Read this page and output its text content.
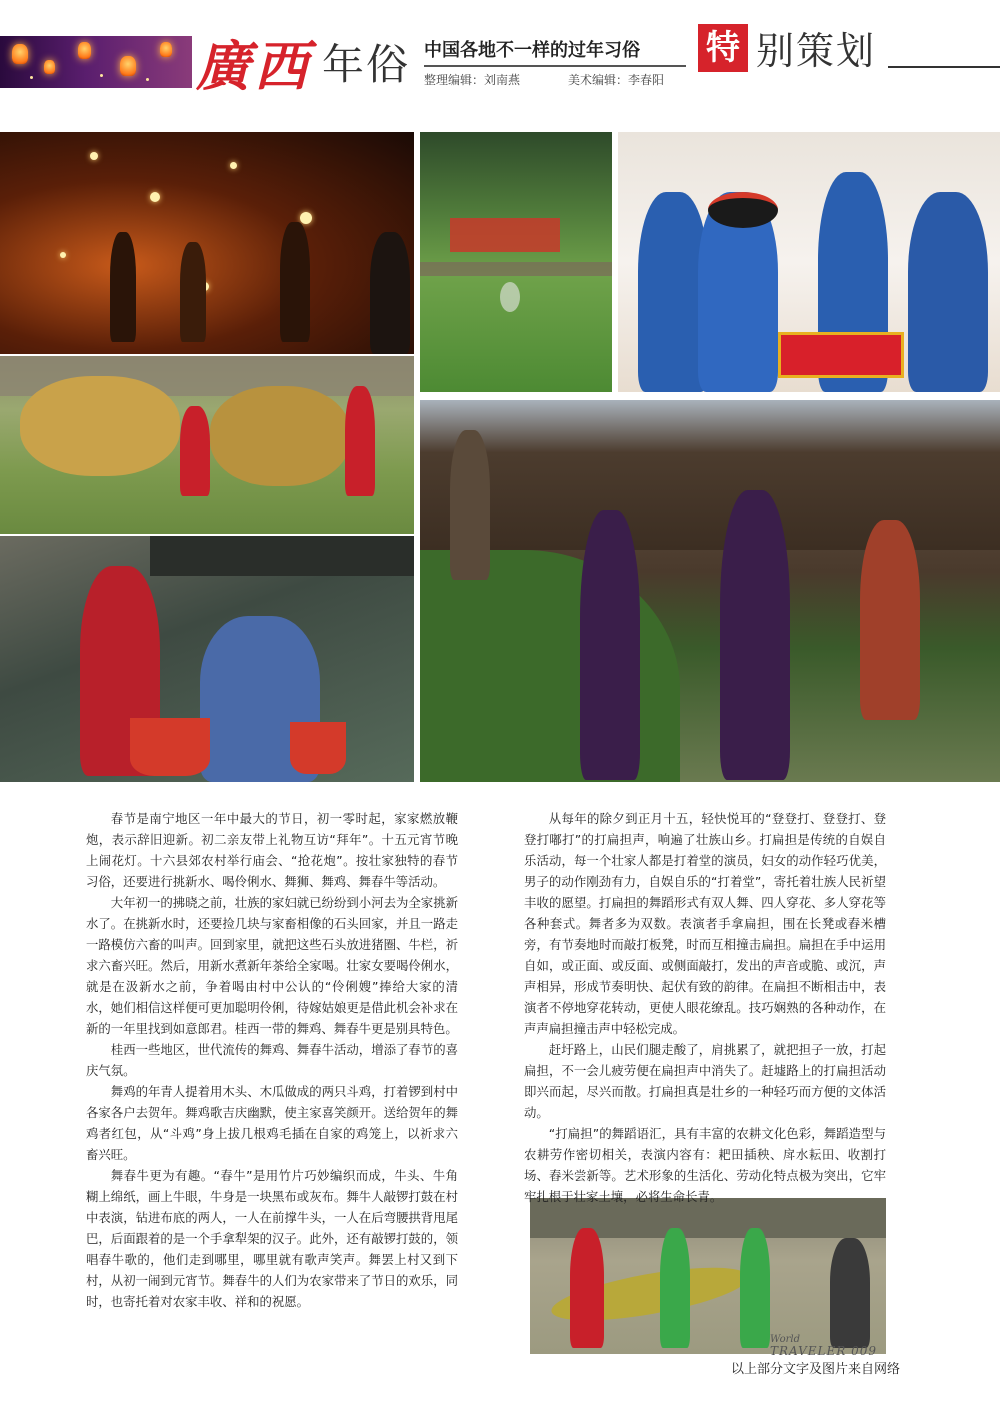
廣西 年俗 中国各地不一样的过年习俗
整理编辑：刘南燕	美术编辑：李春阳
特 别策划

春节是南宁地区一年中最大的节日，初一零时起，家家燃放鞭炮，表示辞旧迎新。初二亲友带上礼物互访“拜年”。十五元宵节晚上闹花灯。十六县郊农村举行庙会、“抢花炮”。按壮家独特的春节习俗，还要进行挑新水、喝伶俐水、舞狮、舞鸡、舞春牛等活动。

大年初一的拂晓之前，壮族的家妇就已纷纷到小河去为全家挑新水了。在挑新水时，还要捡几块与家畜相像的石头回家，并且一路走一路模仿六畜的叫声。回到家里，就把这些石头放进猪圈、牛栏，祈求六畜兴旺。然后，用新水煮新年茶给全家喝。壮家女要喝伶俐水，就是在汲新水之前，争着喝由村中公认的“伶俐嫂”捧给大家的清水，她们相信这样便可更加聪明伶俐，待嫁姑娘更是借此机会补求在新的一年里找到如意郎君。桂西一带的舞鸡、舞春牛更是别具特色。

桂西一些地区，世代流传的舞鸡、舞春牛活动，增添了春节的喜庆气氛。

舞鸡的年青人提着用木头、木瓜做成的两只斗鸡，打着锣到村中各家各户去贺年。舞鸡歌吉庆幽默，使主家喜笑颜开。送给贺年的舞鸡者红包，从“斗鸡”身上拔几根鸡毛插在自家的鸡笼上，以祈求六畜兴旺。

舞春牛更为有趣。“春牛”是用竹片巧妙编织而成，牛头、牛角糊上绵纸，画上牛眼，牛身是一块黑布或灰布。舞牛人敲锣打鼓在村中表演，钻进布底的两人，一人在前撑牛头，一人在后弯腰拱背甩尾巴，后面跟着的是一个手拿犁架的汉子。此外，还有敲锣打鼓的，领唱春牛歌的，他们走到哪里，哪里就有歌声笑声。舞罢上村又到下村，从初一闹到元宵节。舞春牛的人们为农家带来了节日的欢乐，同时，也寄托着对农家丰收、祥和的祝愿。

从每年的除夕到正月十五，轻快悦耳的“登登打、登登打、登登打嘟打”的打扁担声，响遍了壮族山乡。打扁担是传统的自娱自乐活动，每一个壮家人都是打着堂的演员，妇女的动作轻巧优美，男子的动作刚劲有力，自娱自乐的“打着堂”，寄托着壮族人民祈望丰收的愿望。打扁担的舞蹈形式有双人舞、四人穿花、多人穿花等各种套式。舞者多为双数。表演者手拿扁担，围在长凳或舂米槽旁，有节奏地时而敲打板凳，时而互相撞击扁担。扁担在手中运用自如，或正面、或反面、或侧面敲打，发出的声音或脆、或沉，声声相异，形成节奏明快、起伏有致的韵律。在扁担不断相击中，表演者不停地穿花转动，更使人眼花缭乱。技巧娴熟的各种动作，在声声扁担撞击声中轻松完成。

赶圩路上，山民们腿走酸了，肩挑累了，就把担子一放，打起扁担，不一会儿疲劳便在扁担声中消失了。赶墟路上的打扁担活动即兴而起，尽兴而散。打扁担真是壮乡的一种轻巧而方便的文体活动。

“打扁担”的舞蹈语汇，具有丰富的农耕文化色彩，舞蹈造型与农耕劳作密切相关，表演内容有：耙田插秧、戽水耘田、收割打场、舂米尝新等。艺术形象的生活化、劳动化特点极为突出，它牢牢扎根于壮家土壤，必将生命长青。

World
TRAVELER 009
以上部分文字及图片来自网络
